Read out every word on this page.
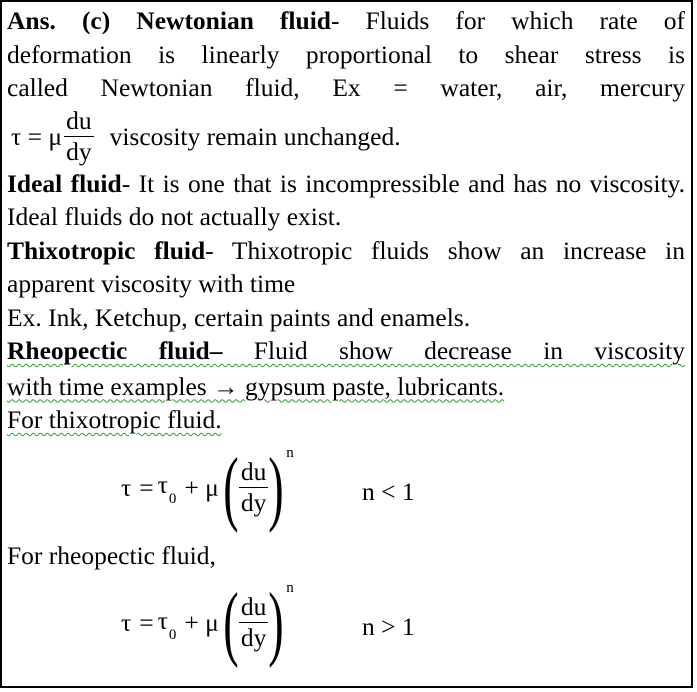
Ans. (c) Newtonian fluid- Fluids for which rate of
deformation is linearly proportional to shear stress is
called Newtonian fluid, Ex = water, air, mercury

τ = μ $\frac{du}{dy}$ viscosity remain unchanged.

Ideal fluid- It is one that is incompressible and has no viscosity. Ideal fluids do not actually exist.

Thixotropic fluid- Thixotropic fluids show an increase in apparent viscosity with time

Ex. Ink, Ketchup, certain paints and enamels.

Rheopectic fluid– Fluid show decrease in viscosity
with time examples → gypsum paste, lubricants.

For thixotropic fluid.

$\tau = \tau_0 + \mu$ ( $\frac{du}{dy}$ ) n
n < 1

For rheopectic fluid,

$\tau = \tau_0 + \mu$ ( $\frac{du}{dy}$ ) n
n > 1
